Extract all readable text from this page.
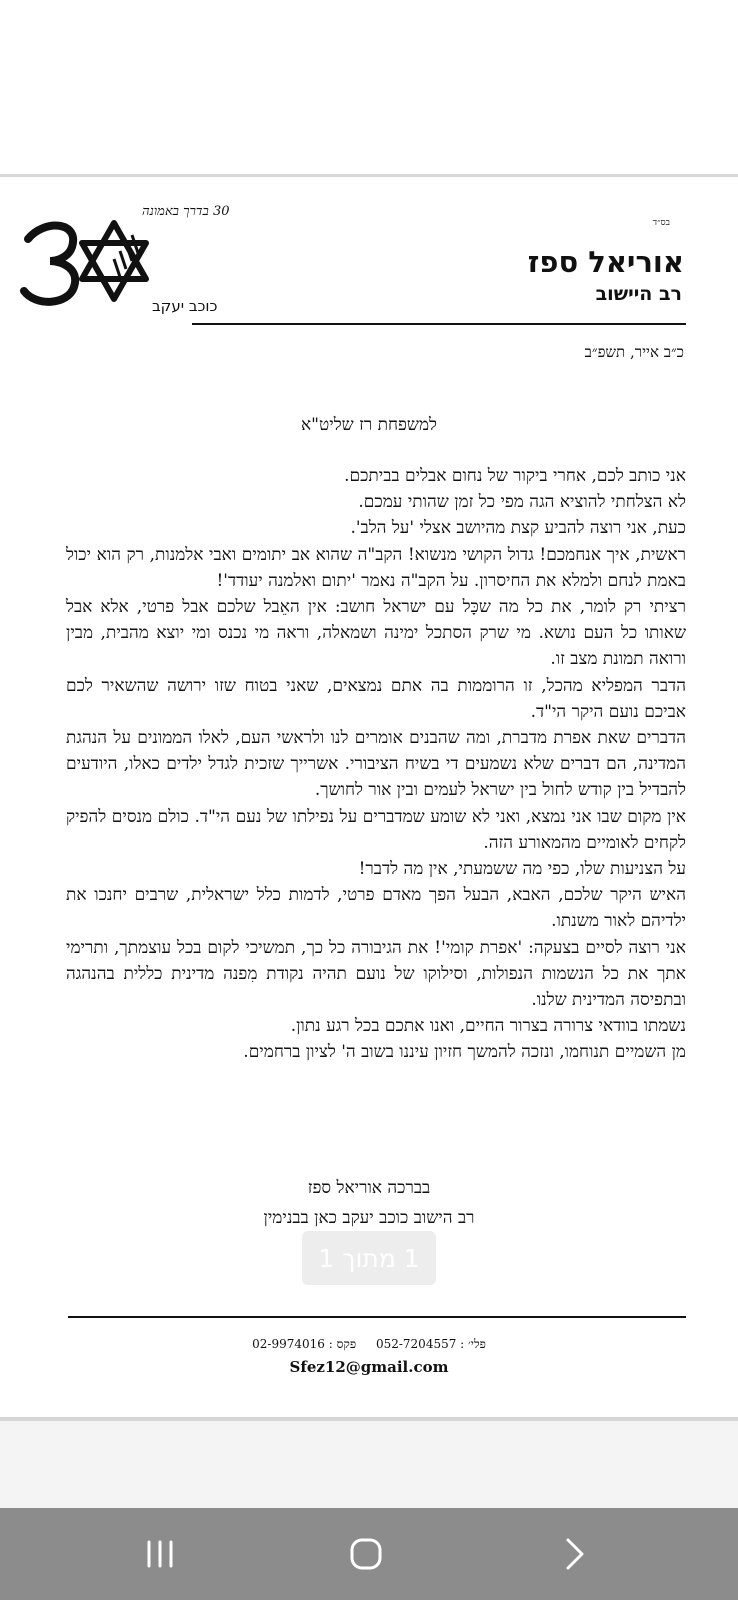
בס״ד
אוריאל ספז
רב היישוב
30 בדרך באמונה
כוכב יעקב
כ״ב אייר, תשפ״ב
למשפחת רז שליט"א

אני כותב לכם, אחרי ביקור של נחום אבלים בביתכם.

לא הצלחתי להוציא הגה מפי כל זמן שהותי עמכם.

כעת, אני רוצה להביע קצת מהיושב אצלי 'על הלב'.

ראשית, איך אנחמכם! גדול הקושי מנשוא! הקב"ה שהוא אב יתומים ואבי אלמנות, רק הוא יכול באמת לנחם ולמלא את החיסרון. על הקב"ה נאמר 'יתום ואלמנה יעודד'!

רציתי רק לומר, את כל מה שכָּל עם ישראל חושב: אין האֵבל שלכם אבל פרטי, אלא אבל שאותו כל העם נושא. מי שרק הסתכל ימינה ושמאלה, וראה מי נכנס ומי יוצא מהבית, מבין ורואה תמונת מצב זו.

הדבר המפליא מהכל, זו הרוממות בה אתם נמצאים, שאני בטוח שזו ירושה שהשאיר לכם אביכם נועם היקר הי"ד.

הדברים שאת אפרת מדברת, ומה שהבנים אומרים לנו ולראשי העם, לאלו הממונים על הנהגת המדינה, הם דברים שלא נשמעים די בשיח הציבורי. אשרייך שזכית לגדל ילדים כאלו, היודעים להבדיל בין קודש לחול בין ישראל לעמים ובין אור לחושך.

אין מקום שבו אני נמצא, ואני לא שומע שמדברים על נפילתו של נעם הי"ד. כולם מנסים להפיק לקחים לאומיים מהמאורע הזה.

על הצניעות שלו, כפי מה ששמעתי, אין מה לדבר!

האיש היקר שלכם, האבא, הבעל הפך מאדם פרטי, לדמות כלל ישראלית, שרבים יחנכו את ילדיהם לאור משנתו.

אני רוצה לסיים בצעקה: 'אפרת קומי'! את הגיבורה כל כך, תמשיכי לקום בכל עוצמתך, ותרימי אתך את כל הנשמות הנפולות, וסילוקו של נועם תהיה נקודת מִפנה מדינית כללית בהנהגה ובתפיסה המדינית שלנו.

נשמתו בוודאי צרורה בצרור החיים, ואנו אתכם בכל רגע נתון.

מן השמיים תנוחמו, ונזכה להמשך חזיון עיננו בשוב ה' לציון ברחמים.

בברכה אוריאל ספז
רב הישוב כוכב יעקב כאן בבנימין
1 מתוך 1
פלי׳ : 052-7204557 פקס : 02-9974016
Sfez12@gmail.com
